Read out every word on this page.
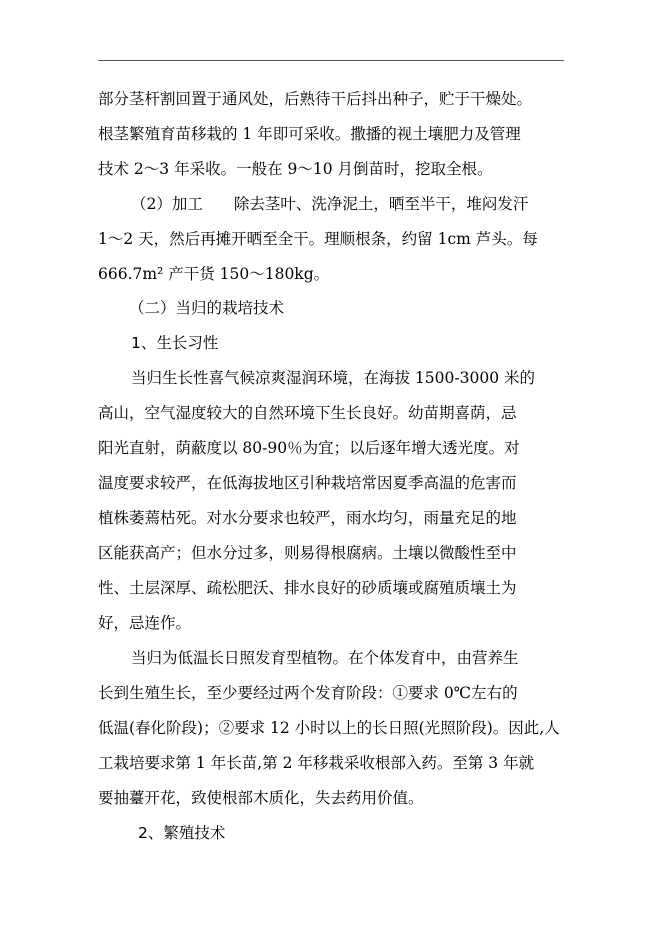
部分茎杆割回置于通风处，后熟待干后抖出种子，贮于干燥处。
根茎繁殖育苗移栽的 1 年即可采收。撒播的视土壤肥力及管理
技术 2～3 年采收。一般在 9～10 月倒苗时，挖取全根。
（2）加工　　除去茎叶、洗净泥土，晒至半干，堆闷发汗
1～2 天，然后再摊开晒至全干。理顺根条，约留 1cm 芦头。每
666.7m² 产干货 150～180kg。
（二）当归的栽培技术
1、生长习性
当归生长性喜气候凉爽湿润环境，在海拔 1500-3000 米的
高山，空气湿度较大的自然环境下生长良好。幼苗期喜荫，忌
阳光直射，荫蔽度以 80-90％为宜；以后逐年增大透光度。对
温度要求较严，在低海拔地区引种栽培常因夏季高温的危害而
植株萎蔫枯死。对水分要求也较严，雨水均匀，雨量充足的地
区能获高产；但水分过多，则易得根腐病。土壤以微酸性至中
性、土层深厚、疏松肥沃、排水良好的砂质壤或腐殖质壤土为
好，忌连作。
当归为低温长日照发育型植物。在个体发育中，由营养生
长到生殖生长，至少要经过两个发育阶段：①要求 0℃左右的
低温(春化阶段)；②要求 12 小时以上的长日照(光照阶段)。因此,人
工栽培要求第 1 年长苗,第 2 年移栽采收根部入药。至第 3 年就
要抽薹开花，致使根部木质化，失去药用价值。
2、繁殖技术
